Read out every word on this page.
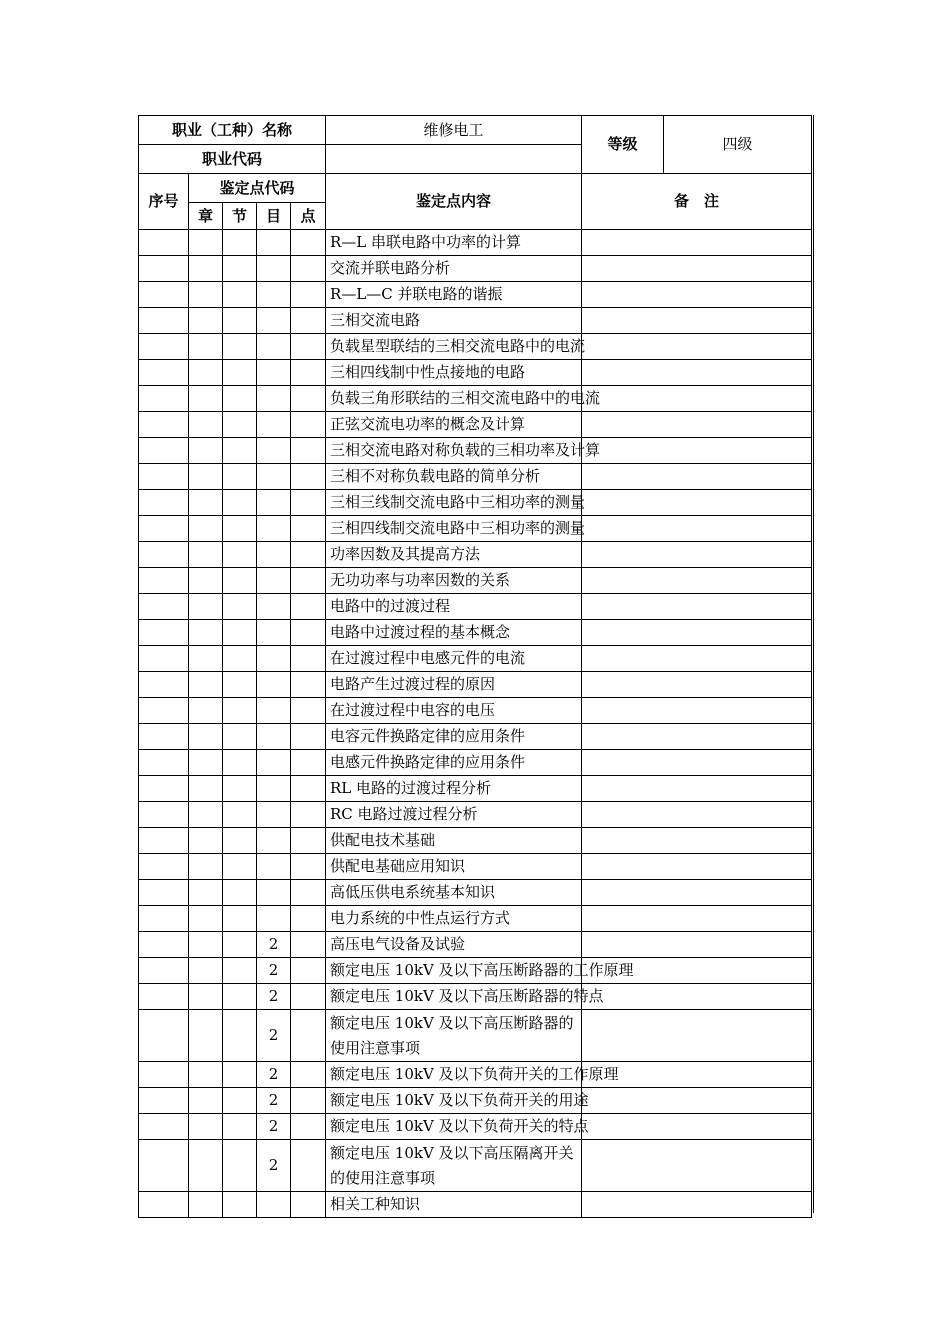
职业（工种）名称					维修电工	等级	四级
职业代码							
序号	鉴定点代码				鉴定点内容	备　注	
	章	节	目	点			
					R—L 串联电路中功率的计算		
					交流并联电路分析		
					R—L—C 并联电路的谐振		
					三相交流电路		
					负载星型联结的三相交流电路中的电流		
					三相四线制中性点接地的电路		
					负载三角形联结的三相交流电路中的电流		
					正弦交流电功率的概念及计算		
					三相交流电路对称负载的三相功率及计算		
					三相不对称负载电路的简单分析		
					三相三线制交流电路中三相功率的测量		
					三相四线制交流电路中三相功率的测量		
					功率因数及其提高方法		
					无功功率与功率因数的关系		
					电路中的过渡过程		
					电路中过渡过程的基本概念		
					在过渡过程中电感元件的电流		
					电路产生过渡过程的原因		
					在过渡过程中电容的电压		
					电容元件换路定律的应用条件		
					电感元件换路定律的应用条件		
					RL 电路的过渡过程分析		
					RC 电路过渡过程分析		
					供配电技术基础		
					供配电基础应用知识		
					高低压供电系统基本知识		
					电力系统的中性点运行方式		
			2		高压电气设备及试验		
			2		额定电压 10kV 及以下高压断路器的工作原理		
			2		额定电压 10kV 及以下高压断路器的特点		
			2		额定电压 10kV 及以下高压断路器的使用注意事项		
			2		额定电压 10kV 及以下负荷开关的工作原理		
			2		额定电压 10kV 及以下负荷开关的用途		
			2		额定电压 10kV 及以下负荷开关的特点		
			2		额定电压 10kV 及以下高压隔离开关的使用注意事项		
					相关工种知识		
